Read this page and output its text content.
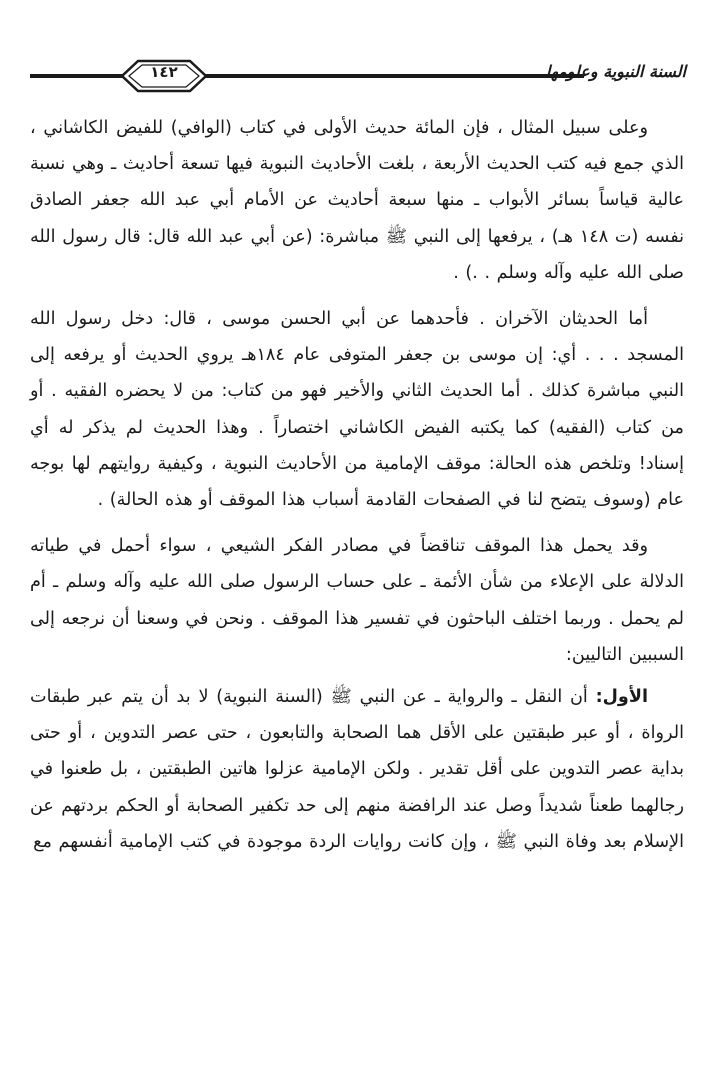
١٤٢	السنة النبوية وعلومها

وعلى سبيل المثال ، فإن المائة حديث الأولى في كتاب (الوافي) للفيض الكاشاني ، الذي جمع فيه كتب الحديث الأربعة ، بلغت الأحاديث النبوية فيها تسعة أحاديث ـ وهي نسبة عالية قياساً بسائر الأبواب ـ منها سبعة أحاديث عن الأمام أبي عبد الله جعفر الصادق نفسه (ت ١٤٨ هـ) ، يرفعها إلى النبي ﷺ مباشرة: (عن أبي عبد الله قال: قال رسول الله صلى الله عليه وآله وسلم . .) .

أما الحديثان الآخران . فأحدهما عن أبي الحسن موسى ، قال: دخل رسول الله المسجد . . . أي: إن موسى بن جعفر المتوفى عام ١٨٤هـ يروي الحديث أو يرفعه إلى النبي مباشرة كذلك . أما الحديث الثاني والأخير فهو من كتاب: من لا يحضره الفقيه . أو من كتاب (الفقيه) كما يكتبه الفيض الكاشاني اختصاراً . وهذا الحديث لم يذكر له أي إسناد! وتلخص هذه الحالة: موقف الإمامية من الأحاديث النبوية ، وكيفية روايتهم لها بوجه عام (وسوف يتضح لنا في الصفحات القادمة أسباب هذا الموقف أو هذه الحالة) .

وقد يحمل هذا الموقف تناقضاً في مصادر الفكر الشيعي ، سواء أحمل في طياته الدلالة على الإعلاء من شأن الأئمة ـ على حساب الرسول صلى الله عليه وآله وسلم ـ أم لم يحمل . وربما اختلف الباحثون في تفسير هذا الموقف . ونحن في وسعنا أن نرجعه إلى السببين التاليين:

الأول: أن النقل ـ والرواية ـ عن النبي ﷺ (السنة النبوية) لا بد أن يتم عبر طبقات الرواة ، أو عبر طبقتين على الأقل هما الصحابة والتابعون ، حتى عصر التدوين ، أو حتى بداية عصر التدوين على أقل تقدير . ولكن الإمامية عزلوا هاتين الطبقتين ، بل طعنوا في رجالهما طعناً شديداً وصل عند الرافضة منهم إلى حد تكفير الصحابة أو الحكم بردتهم عن الإسلام بعد وفاة النبي ﷺ ، وإن كانت روايات الردة موجودة في كتب الإمامية أنفسهم مع
